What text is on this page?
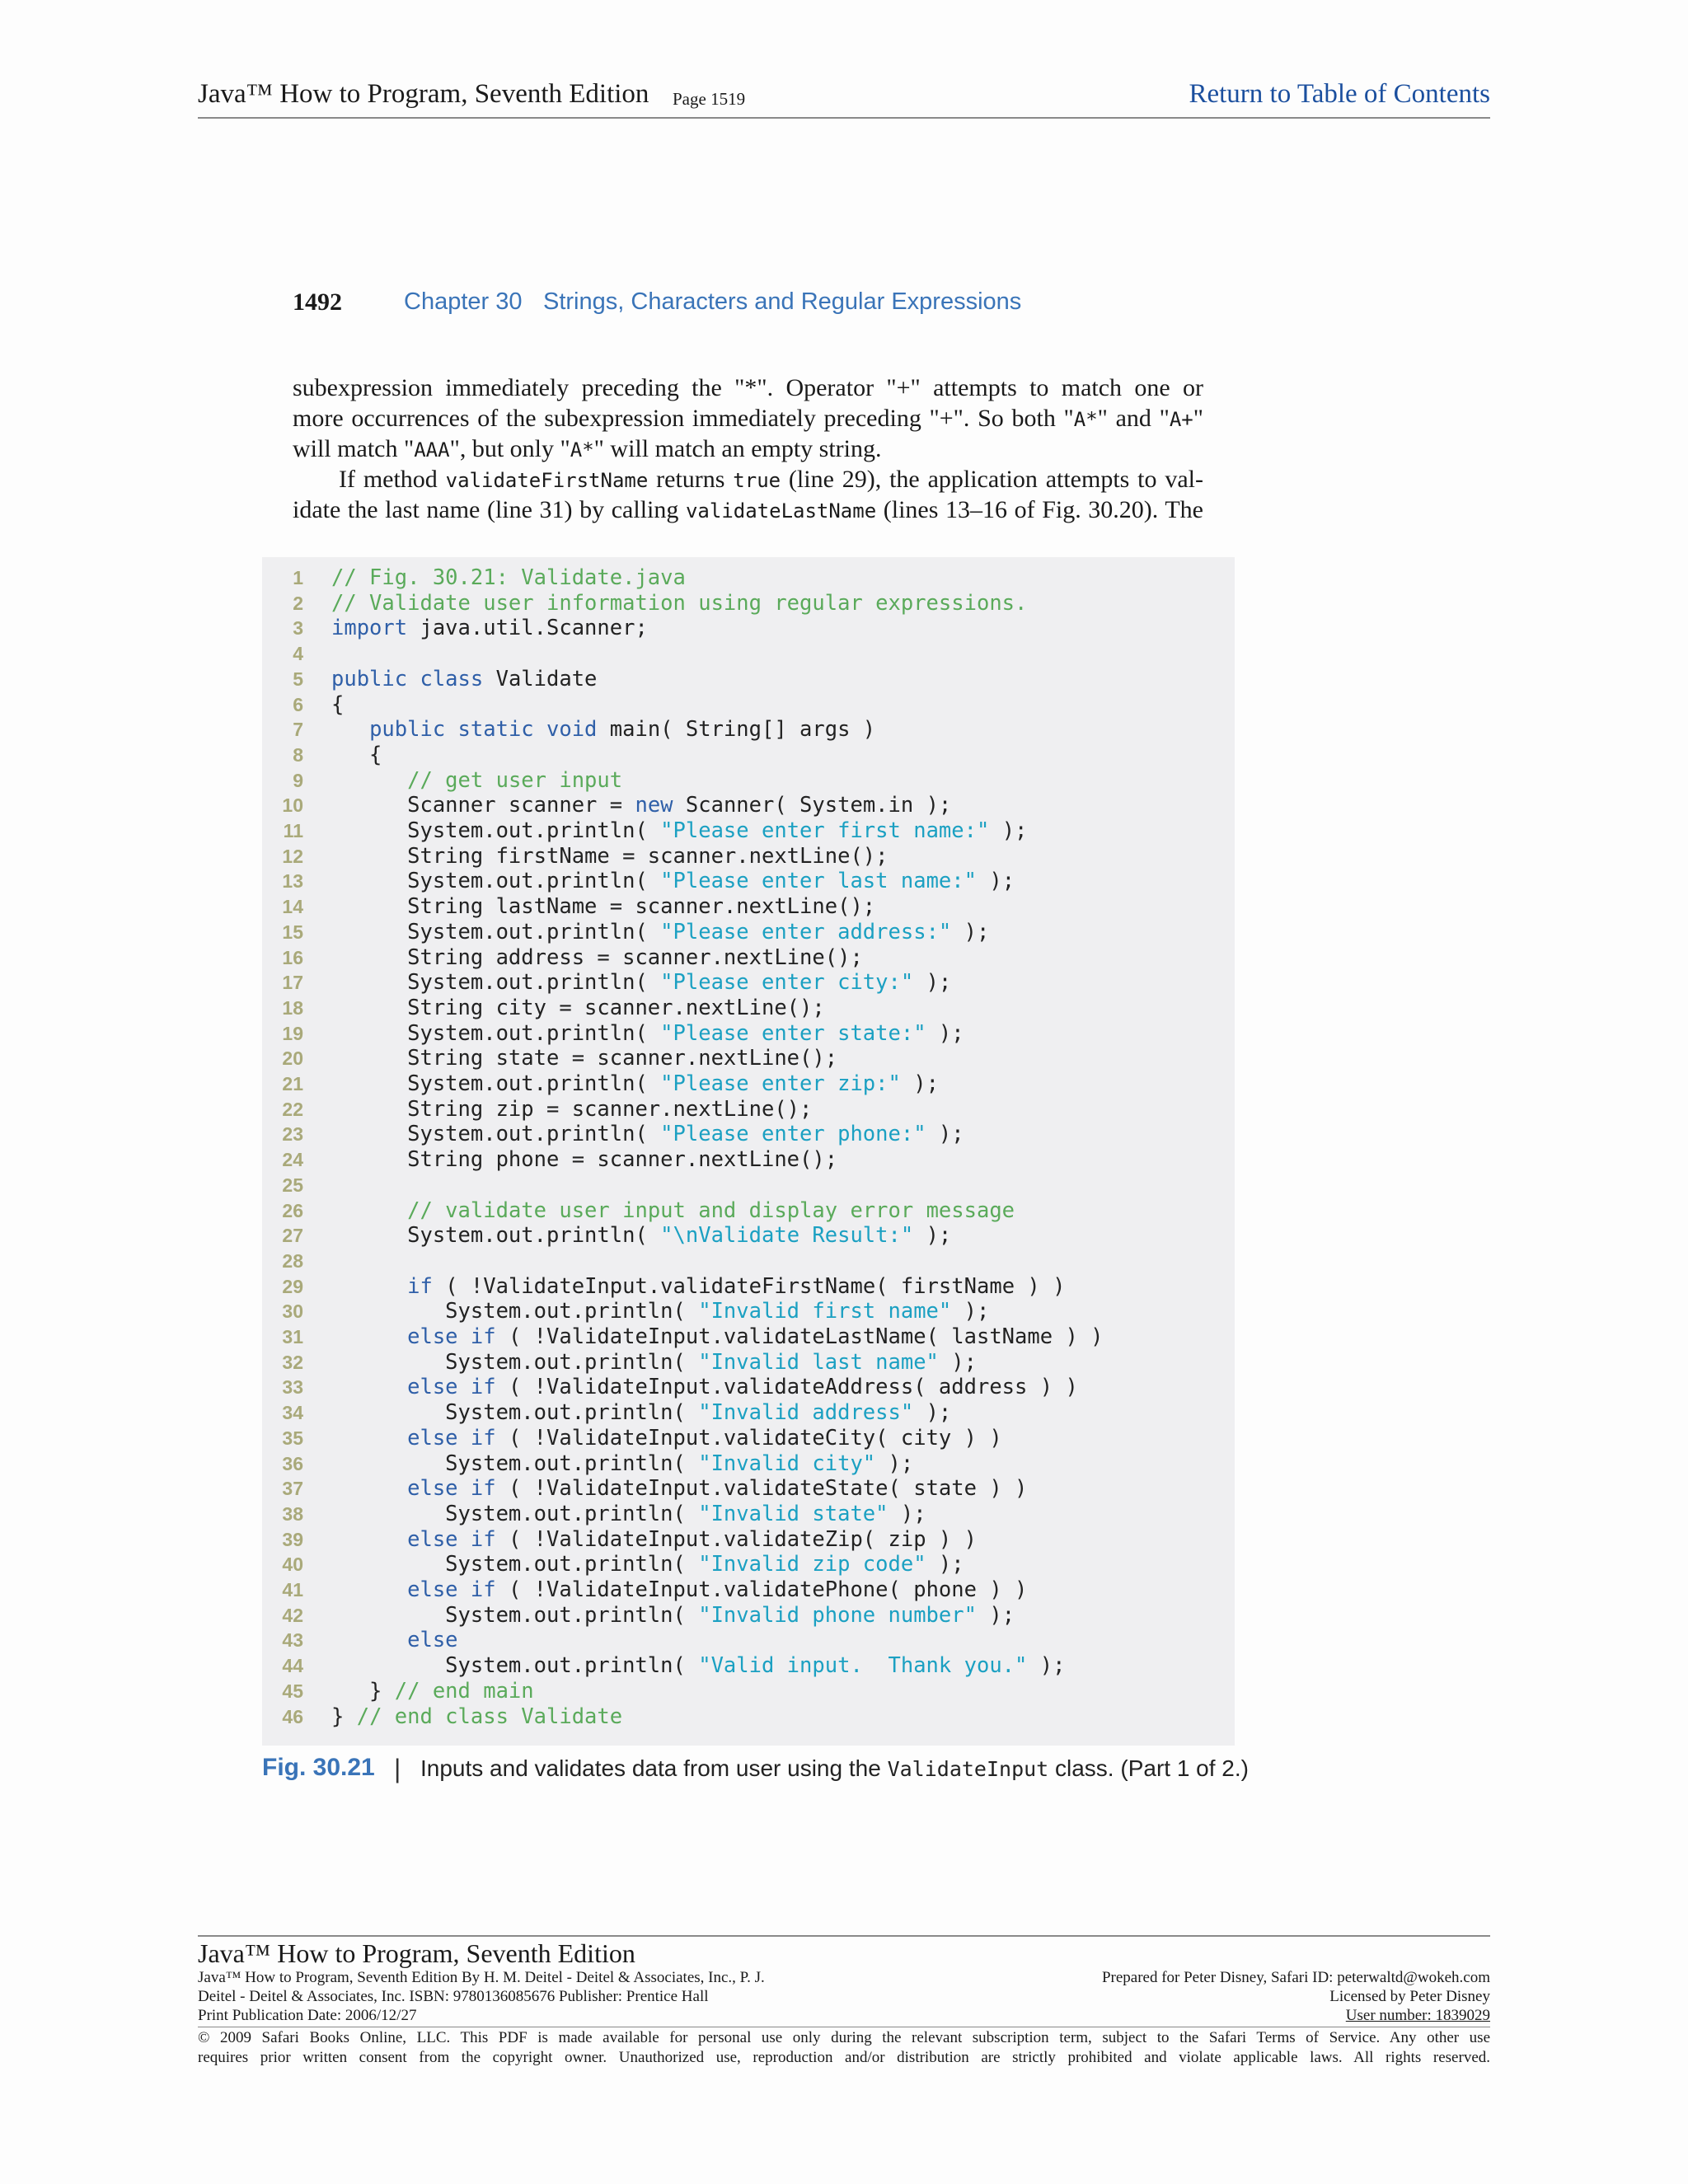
Java™ How to Program, Seventh Edition Page 1519	Return to Table of Contents
1492	Chapter 30 Strings, Characters and Regular Expressions
subexpression immediately preceding the "*". Operator "+" attempts to match one or
more occurrences of the subexpression immediately preceding "+". So both "A*" and "A+"
will match "AAA", but only "A*" will match an empty string.
If method validateFirstName returns true (line 29), the application attempts to val-
idate the last name (line 31) by calling validateLastName (lines 13–16 of Fig. 30.20). The
1 // Fig. 30.21: Validate.java
2 // Validate user information using regular expressions.
3 import java.util.Scanner;
4
5 public class Validate
6 {
7	public static void main( String[] args )
8 {
9	// get user input
10 Scanner scanner = new Scanner( System.in );
11 System.out.println( "Please enter first name:" );
12 String firstName = scanner.nextLine();
13 System.out.println( "Please enter last name:" );
14 String lastName = scanner.nextLine();
15 System.out.println( "Please enter address:" );
16 String address = scanner.nextLine();
17 System.out.println( "Please enter city:" );
18 String city = scanner.nextLine();
19 System.out.println( "Please enter state:" );
20 String state = scanner.nextLine();
21 System.out.println( "Please enter zip:" );
22 String zip = scanner.nextLine();
23 System.out.println( "Please enter phone:" );
24 String phone = scanner.nextLine();
25
26	// validate user input and display error message
27 System.out.println( "\nValidate Result:" );
28
29	if ( !ValidateInput.validateFirstName( firstName ) )
30 System.out.println( "Invalid first name" );
31	else if ( !ValidateInput.validateLastName( lastName ) )
32 System.out.println( "Invalid last name" );
33	else if ( !ValidateInput.validateAddress( address ) )
34 System.out.println( "Invalid address" );
35	else if ( !ValidateInput.validateCity( city ) )
36 System.out.println( "Invalid city" );
37	else if ( !ValidateInput.validateState( state ) )
38 System.out.println( "Invalid state" );
39	else if ( !ValidateInput.validateZip( zip ) )
40 System.out.println( "Invalid zip code" );
41	else if ( !ValidateInput.validatePhone( phone ) )
42 System.out.println( "Invalid phone number" );
43	else
44 System.out.println( "Valid input.  Thank you." );
45 } // end main
46 } // end class Validate
Fig. 30.21 | Inputs and validates data from user using the ValidateInput class. (Part 1 of 2.)
Java™ How to Program, Seventh Edition
Java™ How to Program, Seventh Edition By H. M. Deitel - Deitel & Associates, Inc., P. J.
Deitel - Deitel & Associates, Inc. ISBN: 9780136085676 Publisher: Prentice Hall
Print Publication Date: 2006/12/27
Prepared for Peter Disney, Safari ID: peterwaltd@wokeh.com
Licensed by Peter Disney
User number: 1839029
© 2009 Safari Books Online, LLC. This PDF is made available for personal use only during the relevant subscription term, subject to the Safari Terms of Service. Any other use
requires prior written consent from the copyright owner. Unauthorized use, reproduction and/or distribution are strictly prohibited and violate applicable laws. All rights reserved.
